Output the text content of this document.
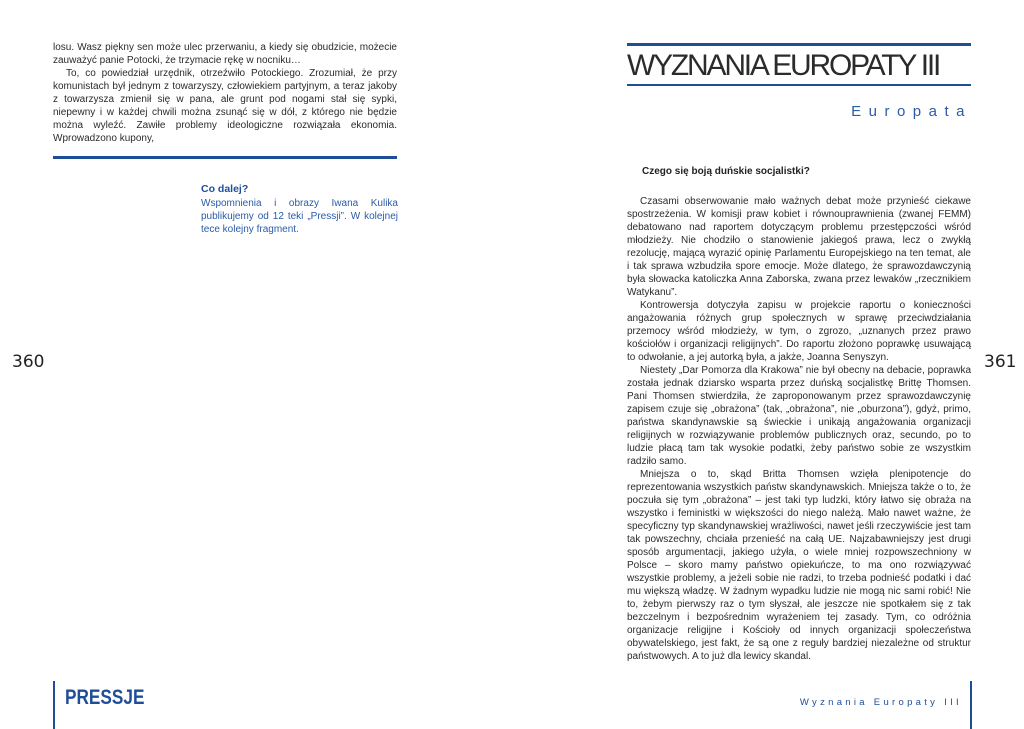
losu. Wasz piękny sen może ulec przerwaniu, a kiedy się obudzicie, możecie zauważyć panie Potocki, że trzymacie rękę w nocniku…

To, co powiedział urzędnik, otrzeźwiło Potockiego. Zrozumiał, że przy komunistach był jednym z towarzyszy, człowiekiem partyjnym, a teraz jakoby z towarzysza zmienił się w pana, ale grunt pod nogami stał się sypki, niepewny i w każdej chwili można zsunąć się w dół, z którego nie będzie można wyleźć. Zawiłe problemy ideologiczne rozwiązała ekonomia. Wprowadzono kupony,

Co dalej?
Wspomnienia i obrazy Iwana Kulika publikujemy od 12 teki „Pressji”. W kolejnej tece kolejny fragment.
360
PRESSJE
WYZNANIA EUROPATY III
Europata
Czego się boją duńskie socjalistki?

Czasami obserwowanie mało ważnych debat może przynieść ciekawe spostrzeżenia. W komisji praw kobiet i równouprawnienia (zwanej FEMM) debatowano nad raportem dotyczącym problemu przestępczości wśród młodzieży. Nie chodziło o stanowienie jakiegoś prawa, lecz o zwykłą rezolucję, mającą wyrazić opinię Parlamentu Europejskiego na ten temat, ale i tak sprawa wzbudziła spore emocje. Może dlatego, że sprawozdawczynią była słowacka katoliczka Anna Zaborska, zwana przez lewaków „rzecznikiem Watykanu”.

Kontrowersja dotyczyła zapisu w projekcie raportu o konieczności angażowania różnych grup społecznych w sprawę przeciwdziałania przemocy wśród młodzieży, w tym, o zgrozo, „uznanych przez prawo kościołów i organizacji religijnych”. Do raportu złożono poprawkę usuwającą to odwołanie, a jej autorką była, a jakże, Joanna Senyszyn.

Niestety „Dar Pomorza dla Krakowa” nie był obecny na debacie, poprawka została jednak dziarsko wsparta przez duńską socjalistkę Brittę Thomsen. Pani Thomsen stwierdziła, że zaproponowanym przez sprawozdawczynię zapisem czuje się „obrażona” (tak, „obrażona”, nie „oburzona”), gdyż, primo, państwa skandynawskie są świeckie i unikają angażowania organizacji religijnych w rozwiązywanie problemów publicznych oraz, secundo, po to ludzie płacą tam tak wysokie podatki, żeby państwo sobie ze wszystkim radziło samo.

Mniejsza o to, skąd Britta Thomsen wzięła plenipotencje do reprezentowania wszystkich państw skandynawskich. Mniejsza także o to, że poczuła się tym „obrażona” – jest taki typ ludzki, który łatwo się obraża na wszystko i feministki w większości do niego należą. Mało nawet ważne, że specyficzny typ skandynawskiej wrażliwości, nawet jeśli rzeczywiście jest tam tak powszechny, chciała przenieść na całą UE. Najzabawniejszy jest drugi sposób argumentacji, jakiego użyła, o wiele mniej rozpowszechniony w Polsce – skoro mamy państwo opiekuńcze, to ma ono rozwiązywać wszystkie problemy, a jeżeli sobie nie radzi, to trzeba podnieść podatki i dać mu większą władzę. W żadnym wypadku ludzie nie mogą nic sami robić! Nie to, żebym pierwszy raz o tym słyszał, ale jeszcze nie spotkałem się z tak bezczelnym i bezpośrednim wyrażeniem tej zasady. Tym, co odróżnia organizacje religijne i Kościoły od innych organizacji społeczeństwa obywatelskiego, jest fakt, że są one z reguły bardziej niezależne od struktur państwowych. A to już dla lewicy skandal.

361
Wyznania Europaty III
